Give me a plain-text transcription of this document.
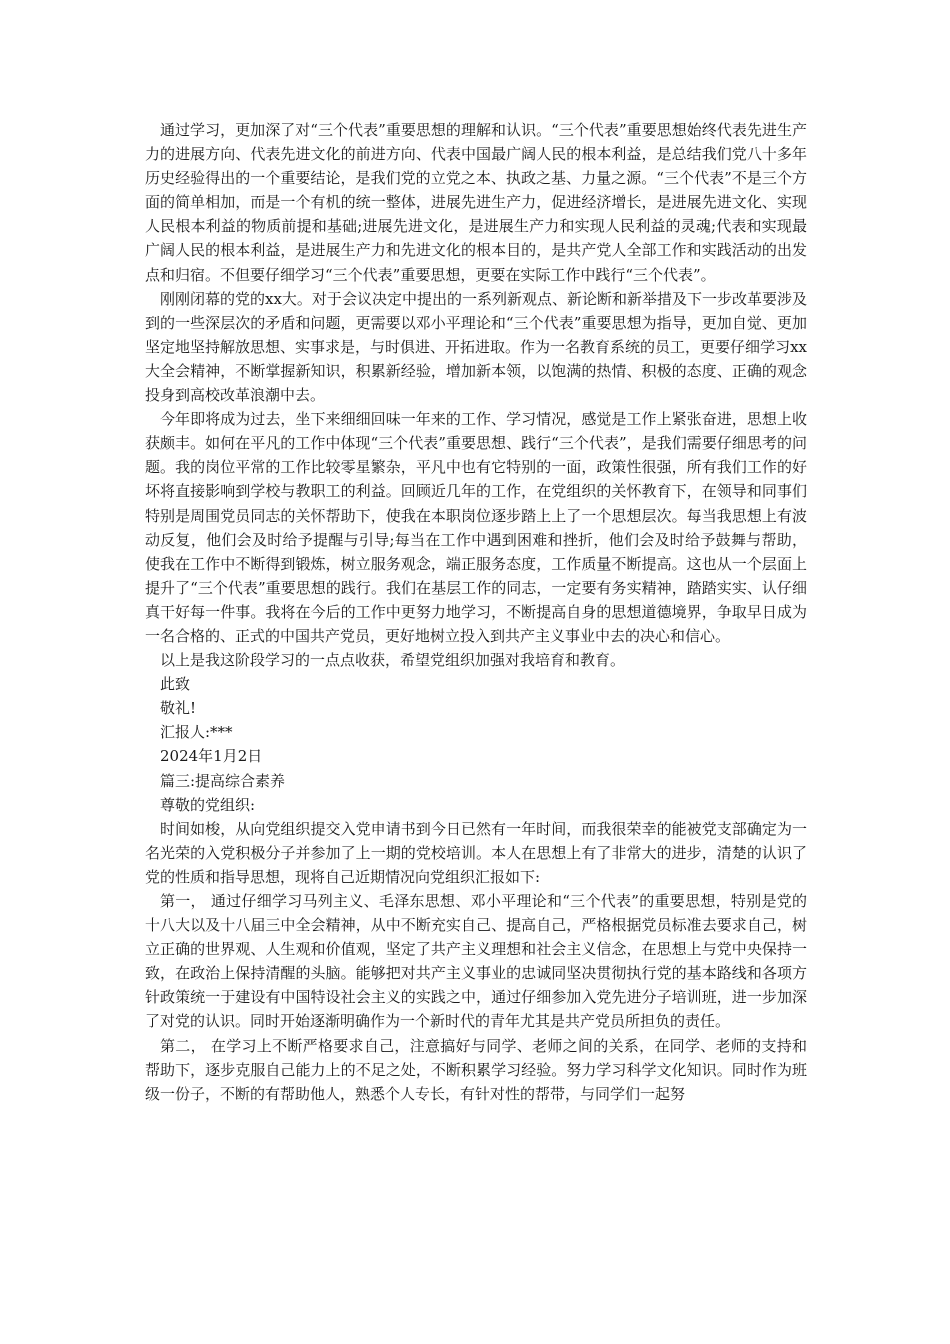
通过学习，更加深了对“三个代表”重要思想的理解和认识。“三个代表”重要思想始终代表先进生产力的进展方向、代表先进文化的前进方向、代表中国最广阔人民的根本利益，是总结我们党八十多年历史经验得出的一个重要结论，是我们党的立党之本、执政之基、力量之源。“三个代表”不是三个方面的简单相加，而是一个有机的统一整体，进展先进生产力，促进经济增长，是进展先进文化、实现人民根本利益的物质前提和基础;进展先进文化，是进展生产力和实现人民利益的灵魂;代表和实现最广阔人民的根本利益，是进展生产力和先进文化的根本目的，是共产党人全部工作和实践活动的出发点和归宿。不但要仔细学习“三个代表”重要思想，更要在实际工作中践行“三个代表”。

刚刚闭幕的党的xx大。对于会议决定中提出的一系列新观点、新论断和新举措及下一步改革要涉及到的一些深层次的矛盾和问题，更需要以邓小平理论和“三个代表”重要思想为指导，更加自觉、更加坚定地坚持解放思想、实事求是，与时俱进、开拓进取。作为一名教育系统的员工，更要仔细学习xx大全会精神，不断掌握新知识，积累新经验，增加新本领，以饱满的热情、积极的态度、正确的观念投身到高校改革浪潮中去。

今年即将成为过去，坐下来细细回味一年来的工作、学习情况，感觉是工作上紧张奋进，思想上收获颇丰。如何在平凡的工作中体现“三个代表”重要思想、践行“三个代表”，是我们需要仔细思考的问题。我的岗位平常的工作比较零星繁杂，平凡中也有它特别的一面，政策性很强，所有我们工作的好坏将直接影响到学校与教职工的利益。回顾近几年的工作，在党组织的关怀教育下，在领导和同事们特别是周围党员同志的关怀帮助下，使我在本职岗位逐步踏上上了一个思想层次。每当我思想上有波动反复，他们会及时给予提醒与引导;每当在工作中遇到困难和挫折，他们会及时给予鼓舞与帮助，使我在工作中不断得到锻炼，树立服务观念，端正服务态度，工作质量不断提高。这也从一个层面上提升了“三个代表”重要思想的践行。我们在基层工作的同志，一定要有务实精神，踏踏实实、认仔细真干好每一件事。我将在今后的工作中更努力地学习，不断提高自身的思想道德境界，争取早日成为一名合格的、正式的中国共产党员，更好地树立投入到共产主义事业中去的决心和信心。

以上是我这阶段学习的一点点收获，希望党组织加强对我培育和教育。

此致

敬礼!

汇报人:***

2024年1月2日

篇三:提高综合素养

尊敬的党组织:

时间如梭，从向党组织提交入党申请书到今日已然有一年时间，而我很荣幸的能被党支部确定为一名光荣的入党积极分子并参加了上一期的党校培训。本人在思想上有了非常大的进步，清楚的认识了党的性质和指导思想，现将自己近期情况向党组织汇报如下:

第一， 通过仔细学习马列主义、毛泽东思想、邓小平理论和“三个代表”的重要思想，特别是党的十八大以及十八届三中全会精神，从中不断充实自己、提高自己，严格根据党员标准去要求自己，树立正确的世界观、人生观和价值观，坚定了共产主义理想和社会主义信念，在思想上与党中央保持一致，在政治上保持清醒的头脑。能够把对共产主义事业的忠诚同坚决贯彻执行党的基本路线和各项方针政策统一于建设有中国特设社会主义的实践之中，通过仔细参加入党先进分子培训班，进一步加深了对党的认识。同时开始逐渐明确作为一个新时代的青年尤其是共产党员所担负的责任。

第二， 在学习上不断严格要求自己，注意搞好与同学、老师之间的关系，在同学、老师的支持和帮助下，逐步克服自己能力上的不足之处，不断积累学习经验。努力学习科学文化知识。同时作为班级一份子，不断的有帮助他人，熟悉个人专长，有针对性的帮带，与同学们一起努
